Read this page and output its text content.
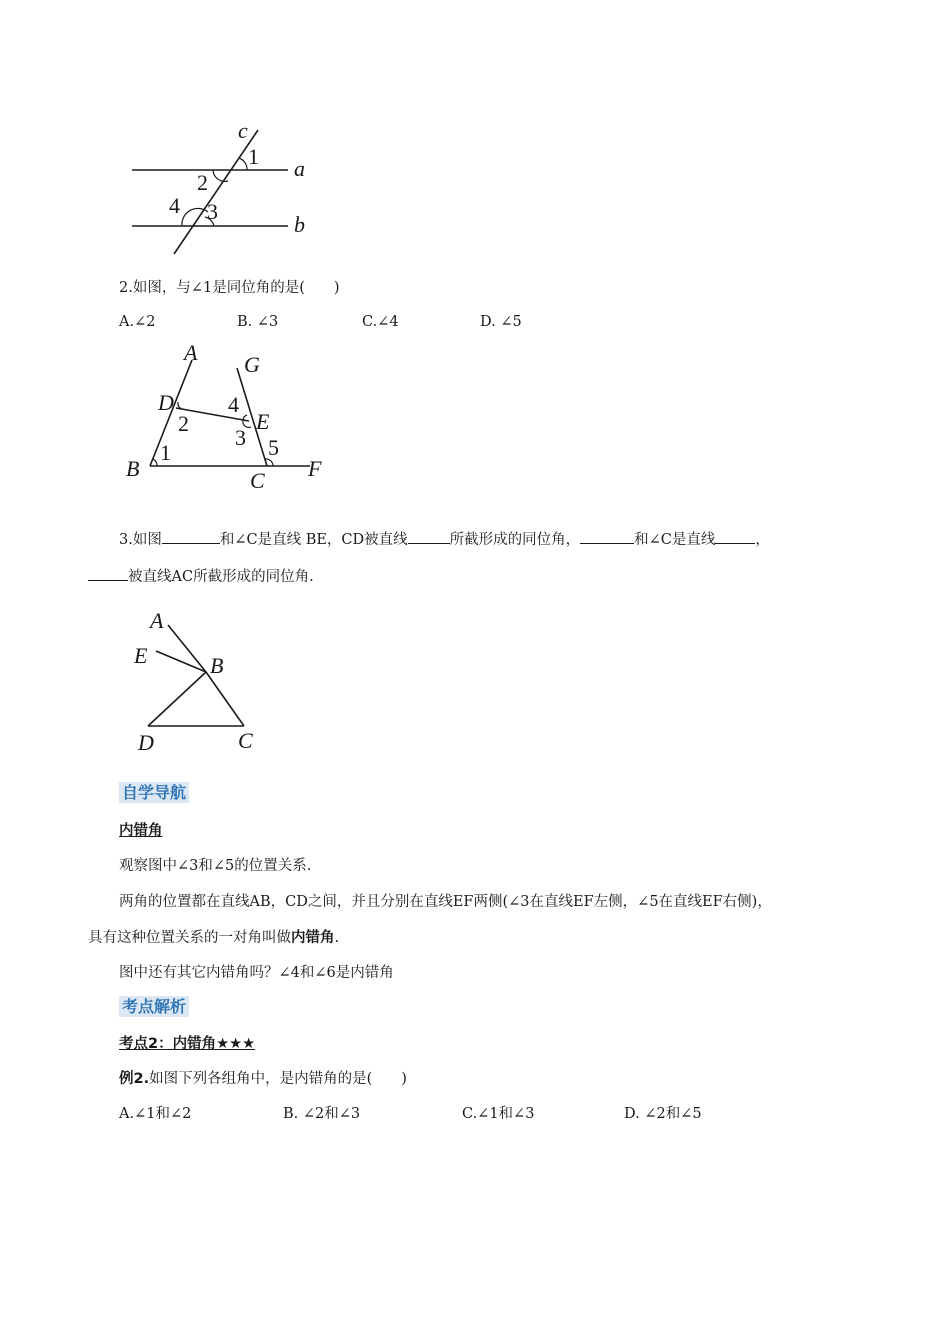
c
a
b
1
2
4 3
2.如图，与∠1是同位角的是(　　)
A.∠2	B. ∠3	C.∠4	D. ∠5
A G
D
E
B	C F
1
2
4
3 5
3.如图	和∠C是直线 BE，CD被直线	所截形成的同位角，	和∠C是直线	，
被直线AC所截形成的同位角.
A
E	B
D	C
自学导航
内错角
观察图中∠3和∠5的位置关系.
两角的位置都在直线AB，CD之间，并且分别在直线EF两侧(∠3在直线EF左侧，∠5在直线EF右侧)，
具有这种位置关系的一对角叫做内错角.
图中还有其它内错角吗？∠4和∠6是内错角
考点解析
考点2：内错角★★★
例2.如图下列各组角中，是内错角的是(　　)
A.∠1和∠2	B. ∠2和∠3	C.∠1和∠3	D. ∠2和∠5
